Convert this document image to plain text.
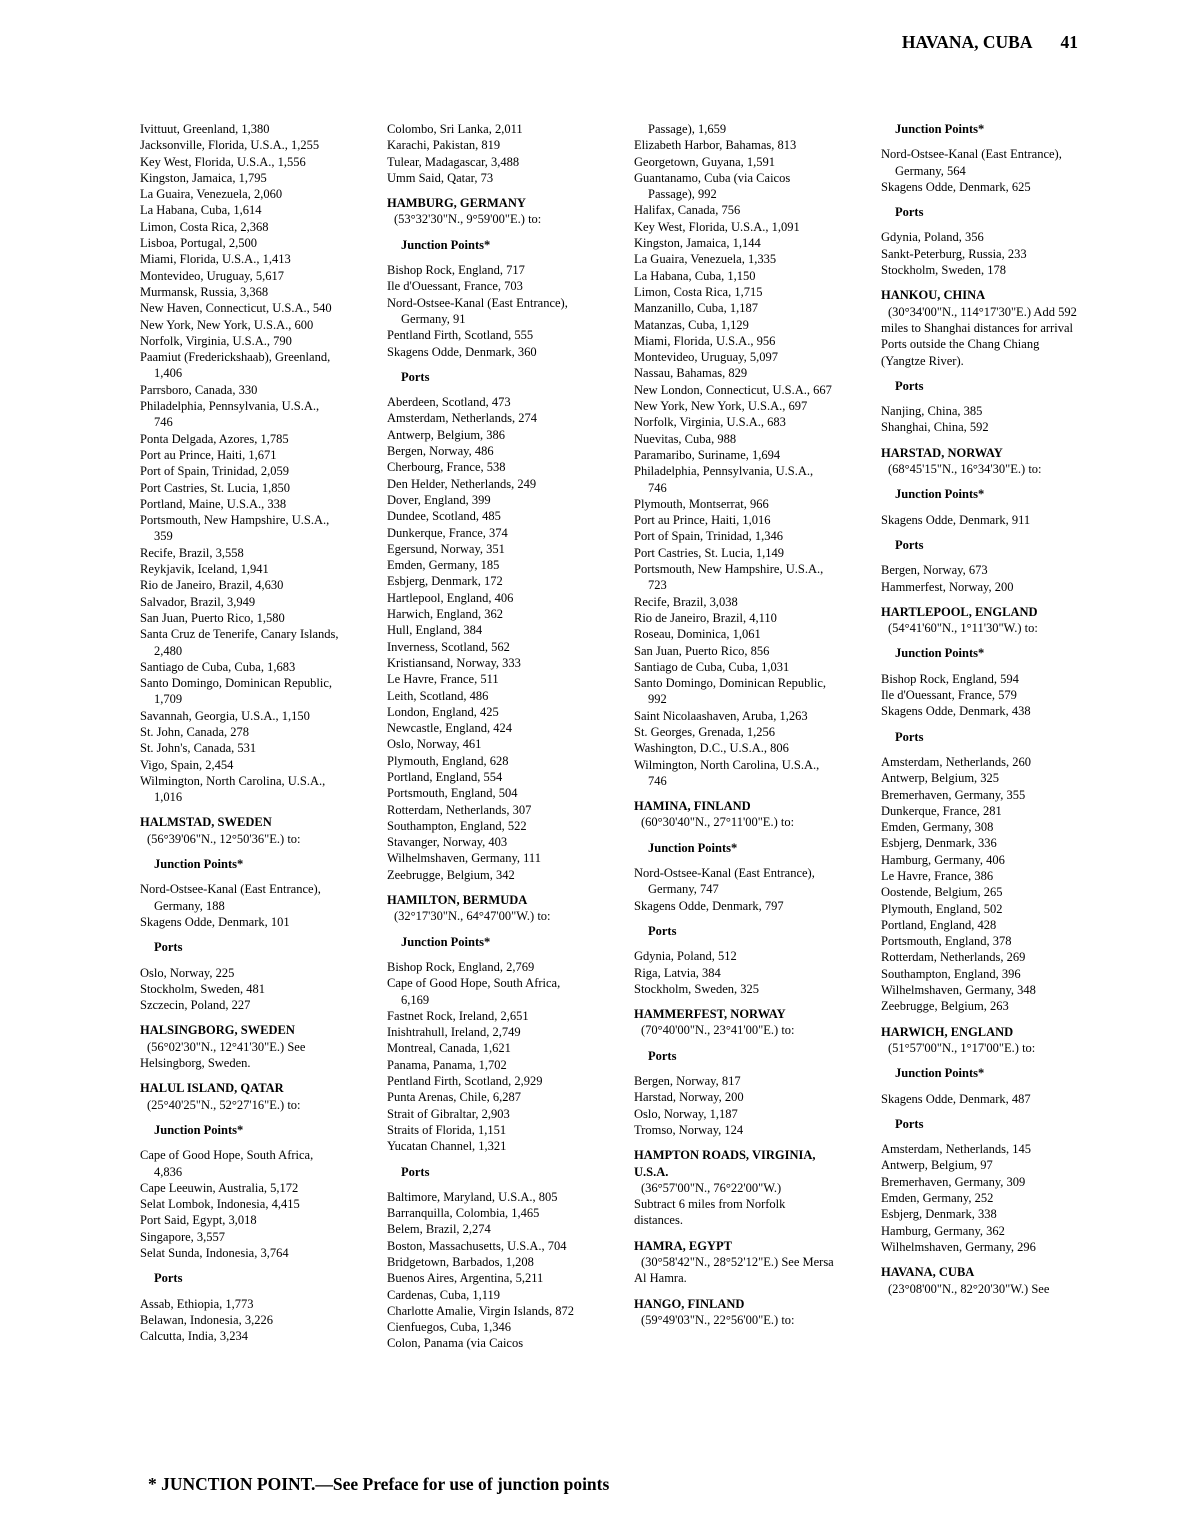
HAVANA, CUBA 41

Ivittuut, Greenland, 1,380

Jacksonville, Florida, U.S.A., 1,255

Key West, Florida, U.S.A., 1,556

Kingston, Jamaica, 1,795

La Guaira, Venezuela, 2,060

La Habana, Cuba, 1,614

Limon, Costa Rica, 2,368

Lisboa, Portugal, 2,500

Miami, Florida, U.S.A., 1,413

Montevideo, Uruguay, 5,617

Murmansk, Russia, 3,368

New Haven, Connecticut, U.S.A., 540

New York, New York, U.S.A., 600

Norfolk, Virginia, U.S.A., 790

Paamiut (Frederickshaab), Greenland, 1,406

Parrsboro, Canada, 330

Philadelphia, Pennsylvania, U.S.A., 746

Ponta Delgada, Azores, 1,785

Port au Prince, Haiti, 1,671

Port of Spain, Trinidad, 2,059

Port Castries, St. Lucia, 1,850

Portland, Maine, U.S.A., 338

Portsmouth, New Hampshire, U.S.A., 359

Recife, Brazil, 3,558

Reykjavik, Iceland, 1,941

Rio de Janeiro, Brazil, 4,630

Salvador, Brazil, 3,949

San Juan, Puerto Rico, 1,580

Santa Cruz de Tenerife, Canary Islands, 2,480

Santiago de Cuba, Cuba, 1,683

Santo Domingo, Dominican Republic, 1,709

Savannah, Georgia, U.S.A., 1,150

St. John, Canada, 278

St. John's, Canada, 531

Vigo, Spain, 2,454

Wilmington, North Carolina, U.S.A., 1,016

HALMSTAD, SWEDEN

(56°39'06"N., 12°50'36"E.) to:

Junction Points*

Nord-Ostsee-Kanal (East Entrance), Germany, 188

Skagens Odde, Denmark, 101

Ports

Oslo, Norway, 225

Stockholm, Sweden, 481

Szczecin, Poland, 227

HALSINGBORG, SWEDEN

(56°02'30"N., 12°41'30"E.) See Helsingborg, Sweden.

HALUL ISLAND, QATAR

(25°40'25"N., 52°27'16"E.) to:

Junction Points*

Cape of Good Hope, South Africa, 4,836

Cape Leeuwin, Australia, 5,172

Selat Lombok, Indonesia, 4,415

Port Said, Egypt, 3,018

Singapore, 3,557

Selat Sunda, Indonesia, 3,764

Ports

Assab, Ethiopia, 1,773

Belawan, Indonesia, 3,226

Calcutta, India, 3,234

Colombo, Sri Lanka, 2,011

Karachi, Pakistan, 819

Tulear, Madagascar, 3,488

Umm Said, Qatar, 73

HAMBURG, GERMANY

(53°32'30"N., 9°59'00"E.) to:

Junction Points*

Bishop Rock, England, 717

Ile d'Ouessant, France, 703

Nord-Ostsee-Kanal (East Entrance), Germany, 91

Pentland Firth, Scotland, 555

Skagens Odde, Denmark, 360

Ports

Aberdeen, Scotland, 473

Amsterdam, Netherlands, 274

Antwerp, Belgium, 386

Bergen, Norway, 486

Cherbourg, France, 538

Den Helder, Netherlands, 249

Dover, England, 399

Dundee, Scotland, 485

Dunkerque, France, 374

Egersund, Norway, 351

Emden, Germany, 185

Esbjerg, Denmark, 172

Hartlepool, England, 406

Harwich, England, 362

Hull, England, 384

Inverness, Scotland, 562

Kristiansand, Norway, 333

Le Havre, France, 511

Leith, Scotland, 486

London, England, 425

Newcastle, England, 424

Oslo, Norway, 461

Plymouth, England, 628

Portland, England, 554

Portsmouth, England, 504

Rotterdam, Netherlands, 307

Southampton, England, 522

Stavanger, Norway, 403

Wilhelmshaven, Germany, 111

Zeebrugge, Belgium, 342

HAMILTON, BERMUDA

(32°17'30"N., 64°47'00"W.) to:

Junction Points*

Bishop Rock, England, 2,769

Cape of Good Hope, South Africa, 6,169

Fastnet Rock, Ireland, 2,651

Inishtrahull, Ireland, 2,749

Montreal, Canada, 1,621

Panama, Panama, 1,702

Pentland Firth, Scotland, 2,929

Punta Arenas, Chile, 6,287

Strait of Gibraltar, 2,903

Straits of Florida, 1,151

Yucatan Channel, 1,321

Ports

Baltimore, Maryland, U.S.A., 805

Barranquilla, Colombia, 1,465

Belem, Brazil, 2,274

Boston, Massachusetts, U.S.A., 704

Bridgetown, Barbados, 1,208

Buenos Aires, Argentina, 5,211

Cardenas, Cuba, 1,119

Charlotte Amalie, Virgin Islands, 872

Cienfuegos, Cuba, 1,346

Colon, Panama (via Caicos

Passage), 1,659

Elizabeth Harbor, Bahamas, 813

Georgetown, Guyana, 1,591

Guantanamo, Cuba (via Caicos Passage), 992

Halifax, Canada, 756

Key West, Florida, U.S.A., 1,091

Kingston, Jamaica, 1,144

La Guaira, Venezuela, 1,335

La Habana, Cuba, 1,150

Limon, Costa Rica, 1,715

Manzanillo, Cuba, 1,187

Matanzas, Cuba, 1,129

Miami, Florida, U.S.A., 956

Montevideo, Uruguay, 5,097

Nassau, Bahamas, 829

New London, Connecticut, U.S.A., 667

New York, New York, U.S.A., 697

Norfolk, Virginia, U.S.A., 683

Nuevitas, Cuba, 988

Paramaribo, Suriname, 1,694

Philadelphia, Pennsylvania, U.S.A., 746

Plymouth, Montserrat, 966

Port au Prince, Haiti, 1,016

Port of Spain, Trinidad, 1,346

Port Castries, St. Lucia, 1,149

Portsmouth, New Hampshire, U.S.A., 723

Recife, Brazil, 3,038

Rio de Janeiro, Brazil, 4,110

Roseau, Dominica, 1,061

San Juan, Puerto Rico, 856

Santiago de Cuba, Cuba, 1,031

Santo Domingo, Dominican Republic, 992

Saint Nicolaashaven, Aruba, 1,263

St. Georges, Grenada, 1,256

Washington, D.C., U.S.A., 806

Wilmington, North Carolina, U.S.A., 746

HAMINA, FINLAND

(60°30'40"N., 27°11'00"E.) to:

Junction Points*

Nord-Ostsee-Kanal (East Entrance), Germany, 747

Skagens Odde, Denmark, 797

Ports

Gdynia, Poland, 512

Riga, Latvia, 384

Stockholm, Sweden, 325

HAMMERFEST, NORWAY

(70°40'00"N., 23°41'00"E.) to:

Ports

Bergen, Norway, 817

Harstad, Norway, 200

Oslo, Norway, 1,187

Tromso, Norway, 124

HAMPTON ROADS, VIRGINIA, U.S.A.

(36°57'00"N., 76°22'00"W.)

Subtract 6 miles from Norfolk distances.

HAMRA, EGYPT

(30°58'42"N., 28°52'12"E.) See Mersa Al Hamra.

HANGO, FINLAND

(59°49'03"N., 22°56'00"E.) to:

Junction Points*

Nord-Ostsee-Kanal (East Entrance), Germany, 564

Skagens Odde, Denmark, 625

Ports

Gdynia, Poland, 356

Sankt-Peterburg, Russia, 233

Stockholm, Sweden, 178

HANKOU, CHINA

(30°34'00"N., 114°17'30"E.) Add 592 miles to Shanghai distances for arrival Ports outside the Chang Chiang (Yangtze River).

Ports

Nanjing, China, 385

Shanghai, China, 592

HARSTAD, NORWAY

(68°45'15"N., 16°34'30"E.) to:

Junction Points*

Skagens Odde, Denmark, 911

Ports

Bergen, Norway, 673

Hammerfest, Norway, 200

HARTLEPOOL, ENGLAND

(54°41'60"N., 1°11'30"W.) to:

Junction Points*

Bishop Rock, England, 594

Ile d'Ouessant, France, 579

Skagens Odde, Denmark, 438

Ports

Amsterdam, Netherlands, 260

Antwerp, Belgium, 325

Bremerhaven, Germany, 355

Dunkerque, France, 281

Emden, Germany, 308

Esbjerg, Denmark, 336

Hamburg, Germany, 406

Le Havre, France, 386

Oostende, Belgium, 265

Plymouth, England, 502

Portland, England, 428

Portsmouth, England, 378

Rotterdam, Netherlands, 269

Southampton, England, 396

Wilhelmshaven, Germany, 348

Zeebrugge, Belgium, 263

HARWICH, ENGLAND

(51°57'00"N., 1°17'00"E.) to:

Junction Points*

Skagens Odde, Denmark, 487

Ports

Amsterdam, Netherlands, 145

Antwerp, Belgium, 97

Bremerhaven, Germany, 309

Emden, Germany, 252

Esbjerg, Denmark, 338

Hamburg, Germany, 362

Wilhelmshaven, Germany, 296

HAVANA, CUBA

(23°08'00"N., 82°20'30"W.) See

* JUNCTION POINT.—See Preface for use of junction points
